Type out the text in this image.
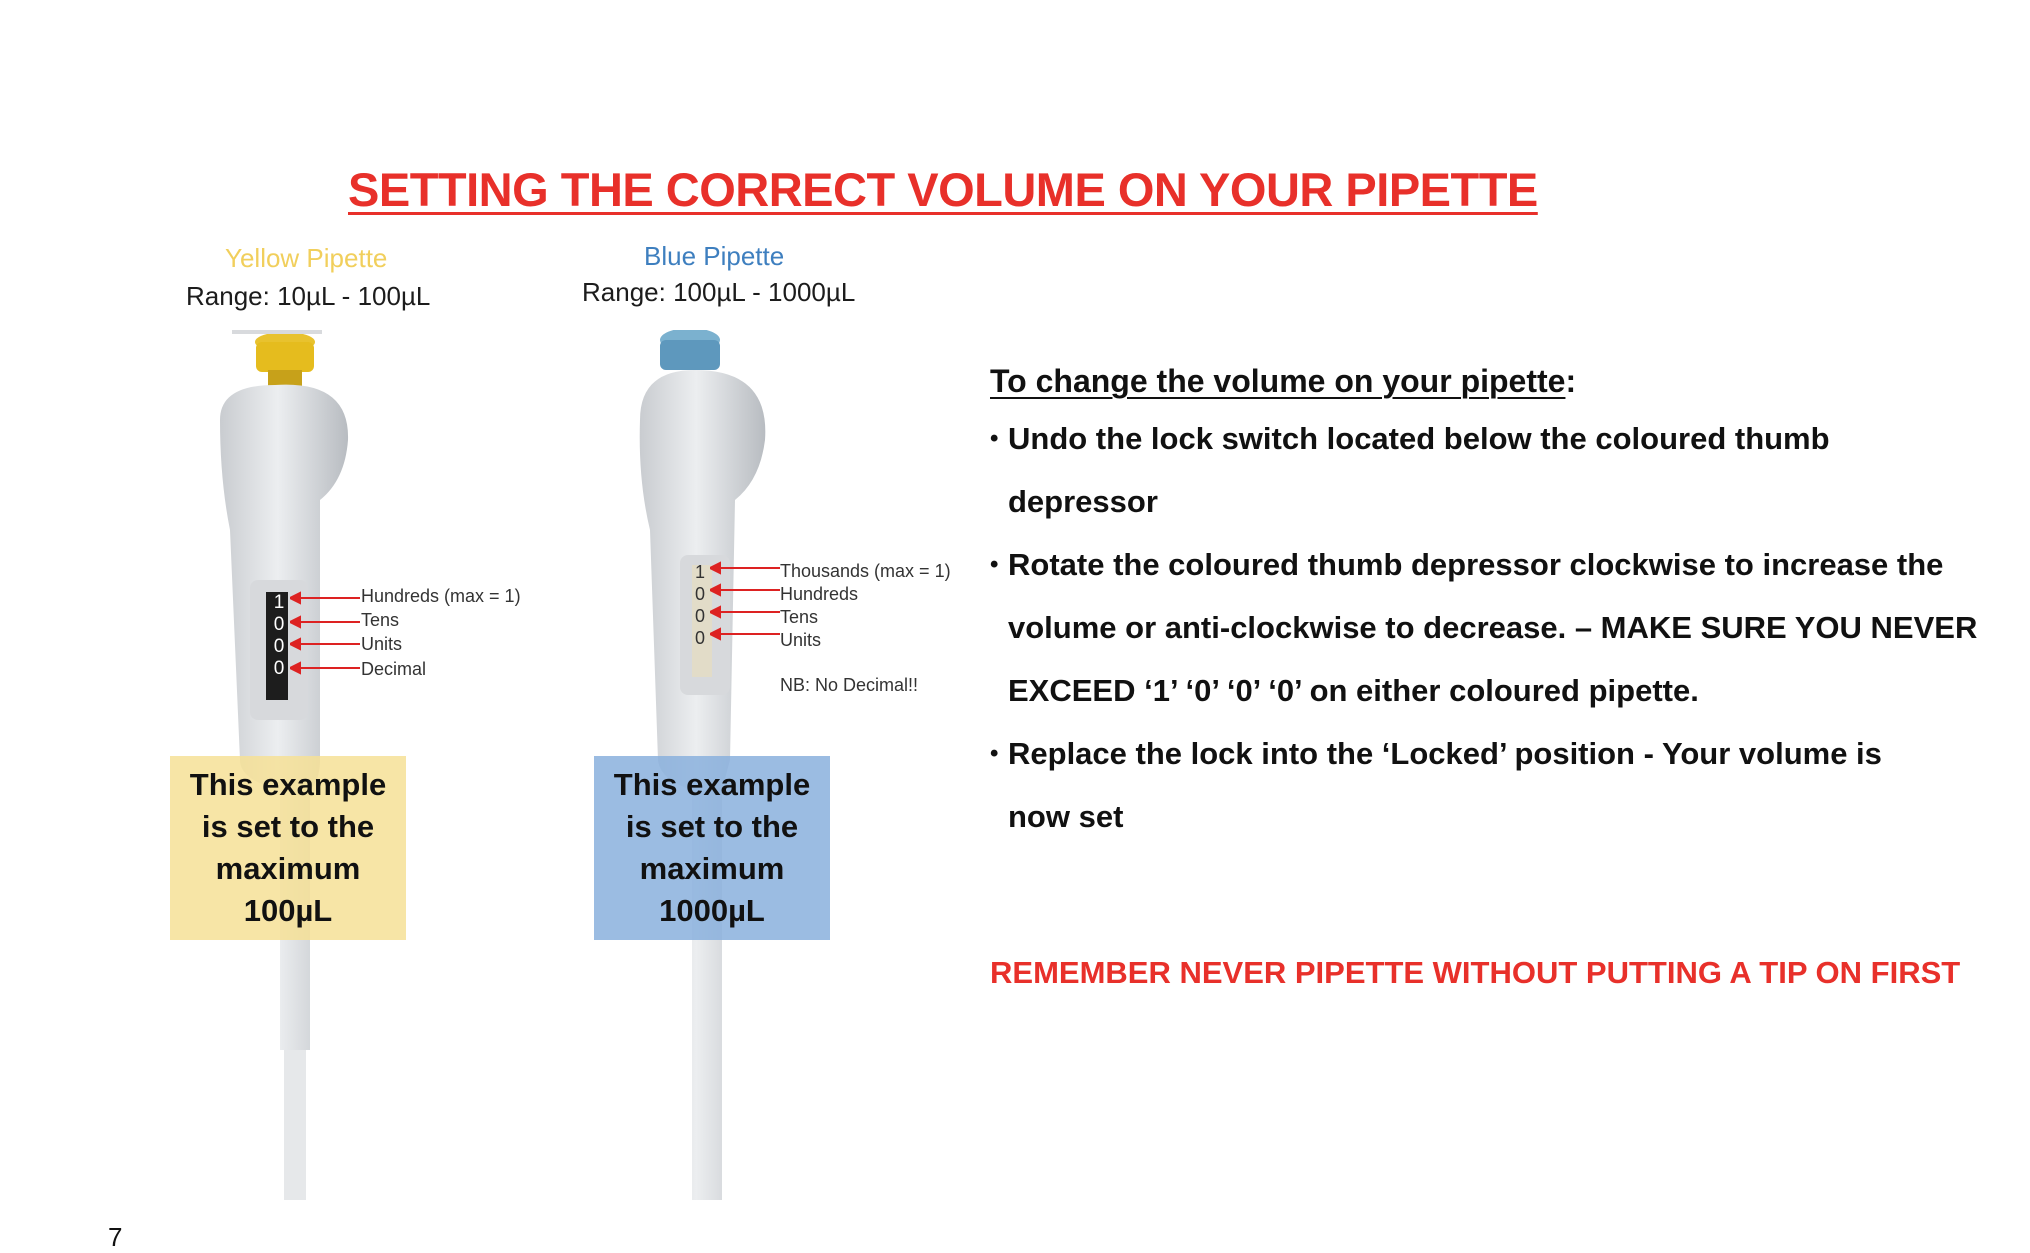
SETTING THE CORRECT VOLUME ON YOUR PIPETTE
Yellow Pipette
Range: 10µL - 100µL
Blue Pipette
Range: 100µL - 1000µL
1
0
0
0
Hundreds (max = 1)
Tens
Units
Decimal
1
0
0
0
Thousands (max = 1)
Hundreds
Tens
Units
NB: No Decimal!!
This example
is set to the
maximum
100µL
This example
is set to the
maximum
1000µL
To change the volume on your pipette:
• Undo the lock switch located below the coloured thumb
depressor
• Rotate the coloured thumb depressor clockwise to increase the
volume or anti-clockwise to decrease. – MAKE SURE YOU NEVER
EXCEED ‘1’ ‘0’ ‘0’ ‘0’ on either coloured pipette.
• Replace the lock into the ‘Locked’ position - Your volume is
now set
REMEMBER NEVER PIPETTE WITHOUT PUTTING A TIP ON FIRST
7
